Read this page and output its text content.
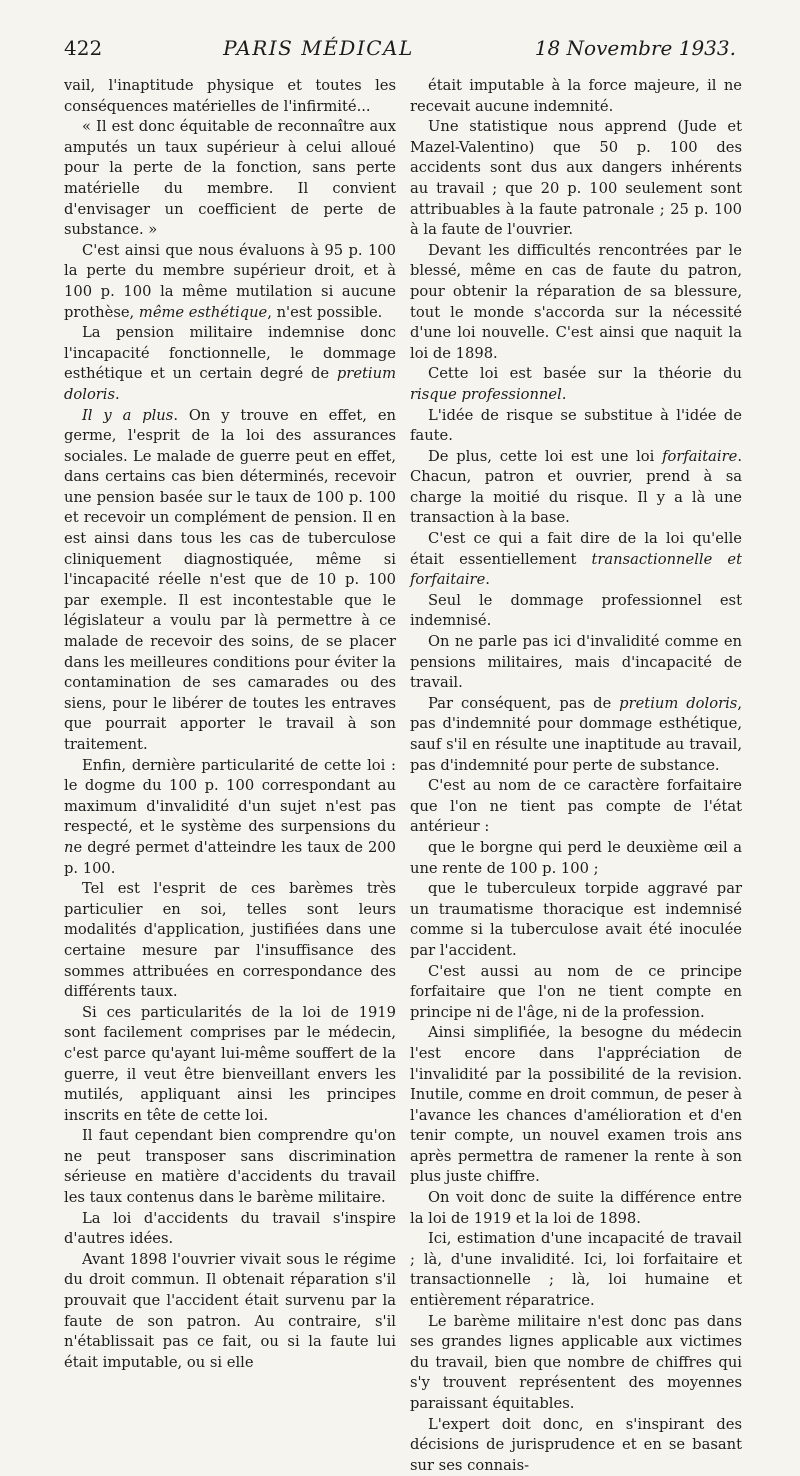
422	PARIS MÉDICAL	18 Novembre 1933.

vail, l'inaptitude physique et toutes les conséquences matérielles de l'infirmité...

« Il est donc équitable de reconnaître aux amputés un taux supérieur à celui alloué pour la perte de la fonction, sans perte matérielle du membre. Il convient d'envisager un coefficient de perte de substance. »

C'est ainsi que nous évaluons à 95 p. 100 la perte du membre supérieur droit, et à 100 p. 100 la même mutilation si aucune prothèse, même esthétique, n'est possible.

La pension militaire indemnise donc l'incapacité fonctionnelle, le dommage esthétique et un certain degré de pretium doloris.

Il y a plus. On y trouve en effet, en germe, l'esprit de la loi des assurances sociales. Le malade de guerre peut en effet, dans certains cas bien déterminés, recevoir une pension basée sur le taux de 100 p. 100 et recevoir un complément de pension. Il en est ainsi dans tous les cas de tuberculose cliniquement diagnostiquée, même si l'incapacité réelle n'est que de 10 p. 100 par exemple. Il est incontestable que le législateur a voulu par là permettre à ce malade de recevoir des soins, de se placer dans les meilleures conditions pour éviter la contamination de ses camarades ou des siens, pour le libérer de toutes les entraves que pourrait apporter le travail à son traitement.

Enfin, dernière particularité de cette loi : le dogme du 100 p. 100 correspondant au maximum d'invalidité d'un sujet n'est pas respecté, et le système des surpensions du ne degré permet d'atteindre les taux de 200 p. 100.

Tel est l'esprit de ces barèmes très particulier en soi, telles sont leurs modalités d'application, justifiées dans une certaine mesure par l'insuffisance des sommes attribuées en correspondance des différents taux.

Si ces particularités de la loi de 1919 sont facilement comprises par le médecin, c'est parce qu'ayant lui-même souffert de la guerre, il veut être bienveillant envers les mutilés, appliquant ainsi les principes inscrits en tête de cette loi.

Il faut cependant bien comprendre qu'on ne peut transposer sans discrimination sérieuse en matière d'accidents du travail les taux contenus dans le barème militaire.

La loi d'accidents du travail s'inspire d'autres idées.

Avant 1898 l'ouvrier vivait sous le régime du droit commun. Il obtenait réparation s'il prouvait que l'accident était survenu par la faute de son patron. Au contraire, s'il n'établissait pas ce fait, ou si la faute lui était imputable, ou si elle

était imputable à la force majeure, il ne recevait aucune indemnité.

Une statistique nous apprend (Jude et Mazel-Valentino) que 50 p. 100 des accidents sont dus aux dangers inhérents au travail ; que 20 p. 100 seulement sont attribuables à la faute patronale ; 25 p. 100 à la faute de l'ouvrier.

Devant les difficultés rencontrées par le blessé, même en cas de faute du patron, pour obtenir la réparation de sa blessure, tout le monde s'accorda sur la nécessité d'une loi nouvelle. C'est ainsi que naquit la loi de 1898.

Cette loi est basée sur la théorie du risque professionnel.

L'idée de risque se substitue à l'idée de faute.

De plus, cette loi est une loi forfaitaire. Chacun, patron et ouvrier, prend à sa charge la moitié du risque. Il y a là une transaction à la base.

C'est ce qui a fait dire de la loi qu'elle était essentiellement transactionnelle et forfaitaire.

Seul le dommage professionnel est indemnisé.

On ne parle pas ici d'invalidité comme en pensions militaires, mais d'incapacité de travail.

Par conséquent, pas de pretium doloris, pas d'indemnité pour dommage esthétique, sauf s'il en résulte une inaptitude au travail, pas d'indemnité pour perte de substance.

C'est au nom de ce caractère forfaitaire que l'on ne tient pas compte de l'état antérieur :

que le borgne qui perd le deuxième œil a une rente de 100 p. 100 ;

que le tuberculeux torpide aggravé par un traumatisme thoracique est indemnisé comme si la tuberculose avait été inoculée par l'accident.

C'est aussi au nom de ce principe forfaitaire que l'on ne tient compte en principe ni de l'âge, ni de la profession.

Ainsi simplifiée, la besogne du médecin l'est encore dans l'appréciation de l'invalidité par la possibilité de la revision. Inutile, comme en droit commun, de peser à l'avance les chances d'amélioration et d'en tenir compte, un nouvel examen trois ans après permettra de ramener la rente à son plus juste chiffre.

On voit donc de suite la différence entre la loi de 1919 et la loi de 1898.

Ici, estimation d'une incapacité de travail ; là, d'une invalidité. Ici, loi forfaitaire et transactionnelle ; là, loi humaine et entièrement réparatrice.

Le barème militaire n'est donc pas dans ses grandes lignes applicable aux victimes du travail, bien que nombre de chiffres qui s'y trouvent représentent des moyennes paraissant équitables.

L'expert doit donc, en s'inspirant des décisions de jurisprudence et en se basant sur ses connais-
